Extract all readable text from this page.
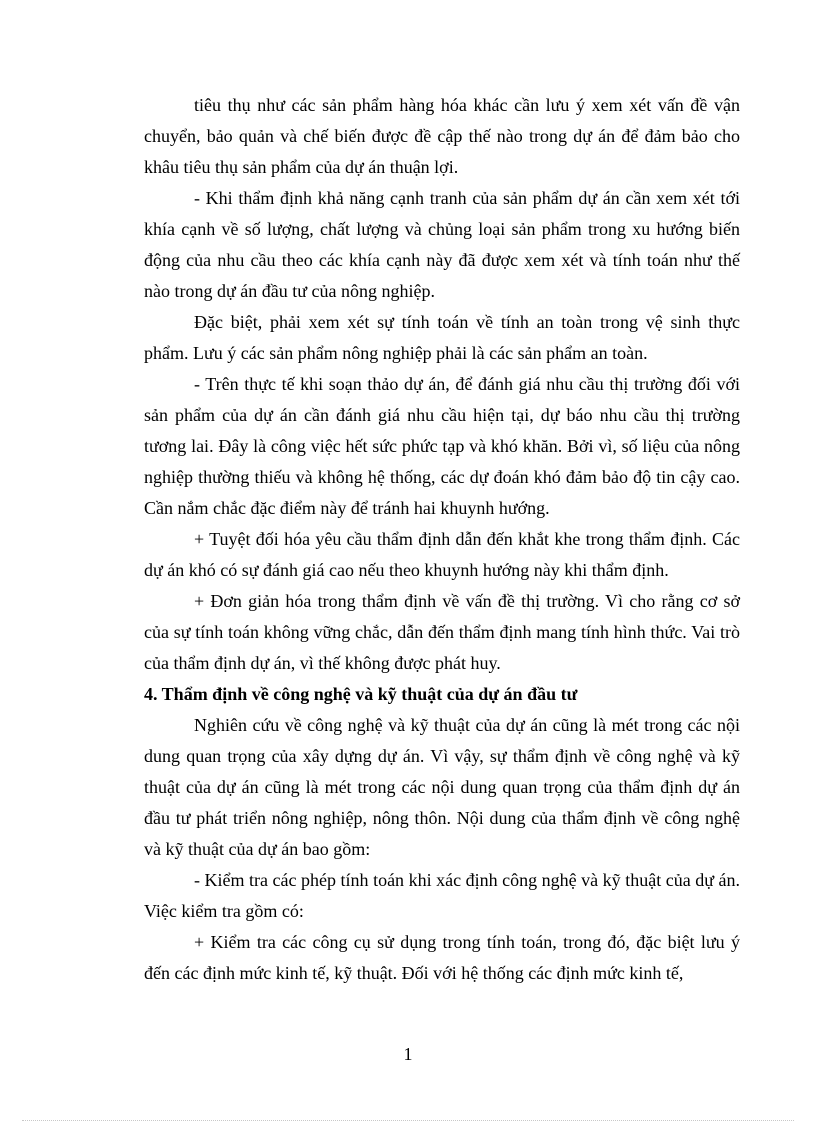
tiêu thụ như các sản phẩm hàng hóa khác cần lưu ý xem xét vấn đề vận chuyển, bảo quản và chế biến được đề cập thế nào trong dự án để đảm bảo cho khâu tiêu thụ sản phẩm của dự án thuận lợi.

- Khi thẩm định khả năng cạnh tranh của sản phẩm dự án cần xem xét tới khía cạnh về số lượng, chất lượng và chủng loại sản phẩm trong xu hướng biến động của nhu cầu theo các khía cạnh này đã được xem xét và tính toán như thế nào trong dự án đầu tư của nông nghiệp.

Đặc biệt, phải xem xét sự tính toán về tính an toàn trong vệ sinh thực phẩm. Lưu ý các sản phẩm nông nghiệp phải là các sản phẩm an toàn.

- Trên thực tế khi soạn thảo dự án, để đánh giá nhu cầu thị trường đối với sản phẩm của dự án cần đánh giá nhu cầu hiện tại, dự báo nhu cầu thị trường tương lai. Đây là công việc hết sức phức tạp và khó khăn. Bởi vì, số liệu của nông nghiệp thường thiếu và không hệ thống, các dự đoán khó đảm bảo độ tin cậy cao. Cần nắm chắc đặc điểm này để tránh hai khuynh hướng.

+ Tuyệt đối hóa yêu cầu thẩm định dẫn đến khắt khe trong thẩm định. Các dự án khó có sự đánh giá cao nếu theo khuynh hướng này khi thẩm định.

+ Đơn giản hóa trong thẩm định về vấn đề thị trường. Vì cho rằng cơ sở của sự tính toán không vững chắc, dẫn đến thẩm định mang tính hình thức. Vai trò của thẩm định dự án, vì thế không được phát huy.

4. Thẩm định về công nghệ và kỹ thuật của dự án đầu tư

Nghiên cứu về công nghệ và kỹ thuật của dự án cũng là mét trong các nội dung quan trọng của xây dựng dự án. Vì vậy, sự thẩm định về công nghệ và kỹ thuật của dự án cũng là mét trong các nội dung quan trọng của thẩm định dự án đầu tư phát triển nông nghiệp, nông thôn. Nội dung của thẩm định về công nghệ và kỹ thuật của dự án bao gồm:

- Kiểm tra các phép tính toán khi xác định công nghệ và kỹ thuật của dự án. Việc kiểm tra gồm có:

+ Kiểm tra các công cụ sử dụng trong tính toán, trong đó, đặc biệt lưu ý đến các định mức kinh tế, kỹ thuật. Đối với hệ thống các định mức kinh tế,

1
